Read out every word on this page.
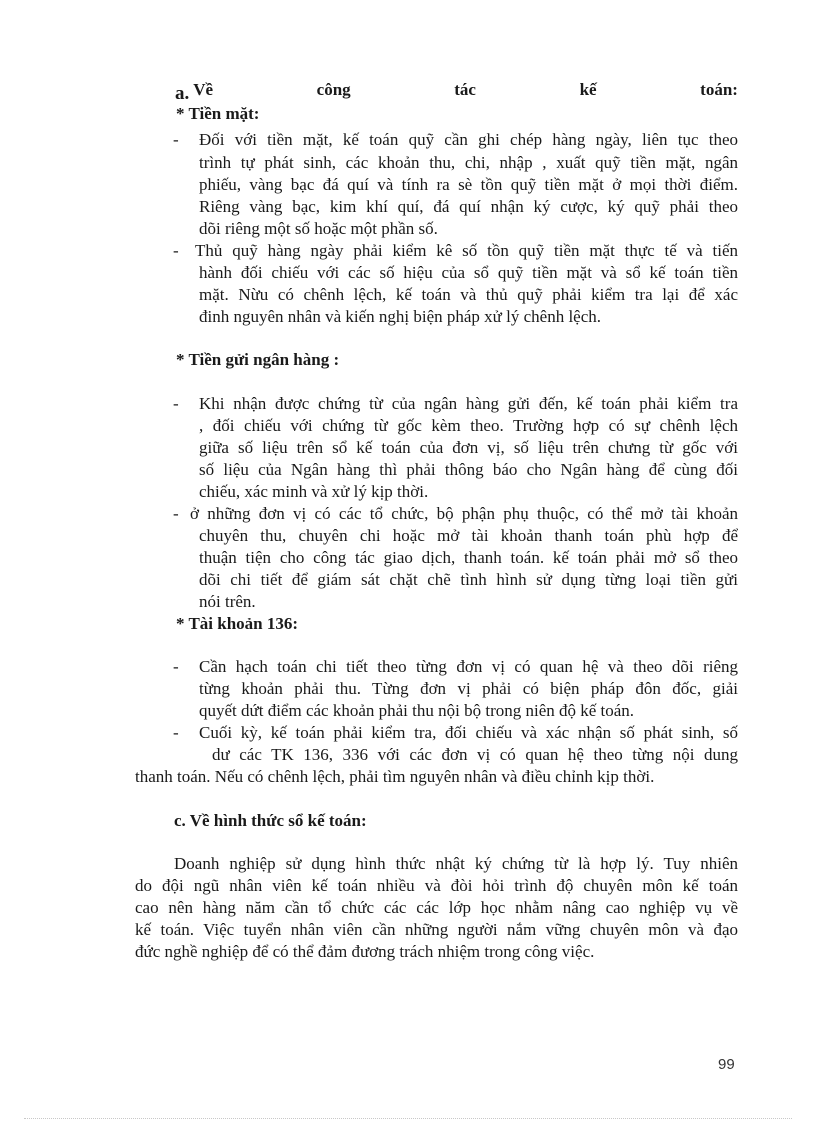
a. Về	công	tác	kế	toán:
* Tiền mặt:
- Đối với tiền mặt, kế toán quỹ cần ghi chép hàng ngày, liên tục theo
trình tự phát sinh, các khoản thu, chi, nhập , xuất quỹ tiền mặt, ngân
phiếu, vàng bạc đá quí và tính ra sè tồn quỹ tiền mặt ở mọi thời điểm.
Riêng vàng bạc, kim khí quí, đá quí nhận ký cược, ký quỹ phải theo
dõi riêng một số hoặc một phần số.
- Thủ quỹ hàng ngày phải kiểm kê số tồn quỹ tiền mặt thực tế và tiến
hành đối chiếu với các số hiệu của sổ quỹ tiền mặt và sổ kế toán tiền
mặt. Nừu có chênh lệch, kế toán và thủ quỹ phải kiểm tra lại để xác
đinh nguyên nhân và kiến nghị biện pháp xử lý chênh lệch.
* Tiền gửi ngân hàng :
- Khi nhận được chứng từ của ngân hàng gửi đến, kế toán phải kiểm tra
, đối chiếu với chứng từ gốc kèm theo. Trường hợp có sự chênh lệch
giữa số liệu trên sổ kế toán của đơn vị, số liệu trên chưng từ gốc với
số liệu của Ngân hàng thì phải thông báo cho Ngân hàng để cùng đối
chiếu, xác minh và xử lý kịp thời.
- ở những đơn vị có các tổ chức, bộ phận phụ thuộc, có thể mở tài khoản
chuyên thu, chuyên chi hoặc mở tài khoản thanh toán phù hợp để
thuận tiện cho công tác giao dịch, thanh toán. kế toán phải mở sổ theo
dõi chi tiết để giám sát chặt chẽ tình hình sử dụng từng loại tiền gửi
nói trên.
* Tài khoản 136:
- Cần hạch toán chi tiết theo từng đơn vị có quan hệ và theo dõi riêng
từng khoản phải thu. Từng đơn vị phải có biện pháp đôn đốc, giải
quyết dứt điểm các khoản phải thu nội bộ trong niên độ kế toán.
- Cuối kỳ, kế toán phải kiểm tra, đối chiếu và xác nhận số phát sinh, số
dư các TK 136, 336 với các đơn vị có quan hệ theo từng nội dung
thanh toán. Nếu có chênh lệch, phải tìm nguyên nhân và điều chỉnh kịp thời.
c. Về hình thức sổ kế toán:
Doanh nghiệp sử dụng hình thức nhật ký chứng từ là hợp lý. Tuy nhiên
do đội ngũ nhân viên kế toán nhiều và đòi hỏi trình độ chuyên môn kế toán
cao nên hàng năm cần tổ chức các các lớp học nhằm nâng cao nghiệp vụ về
kế toán. Việc tuyển nhân viên cần những người nắm vững chuyên môn và đạo
đức nghề nghiệp để có thể đảm đương trách nhiệm trong công việc.
99
